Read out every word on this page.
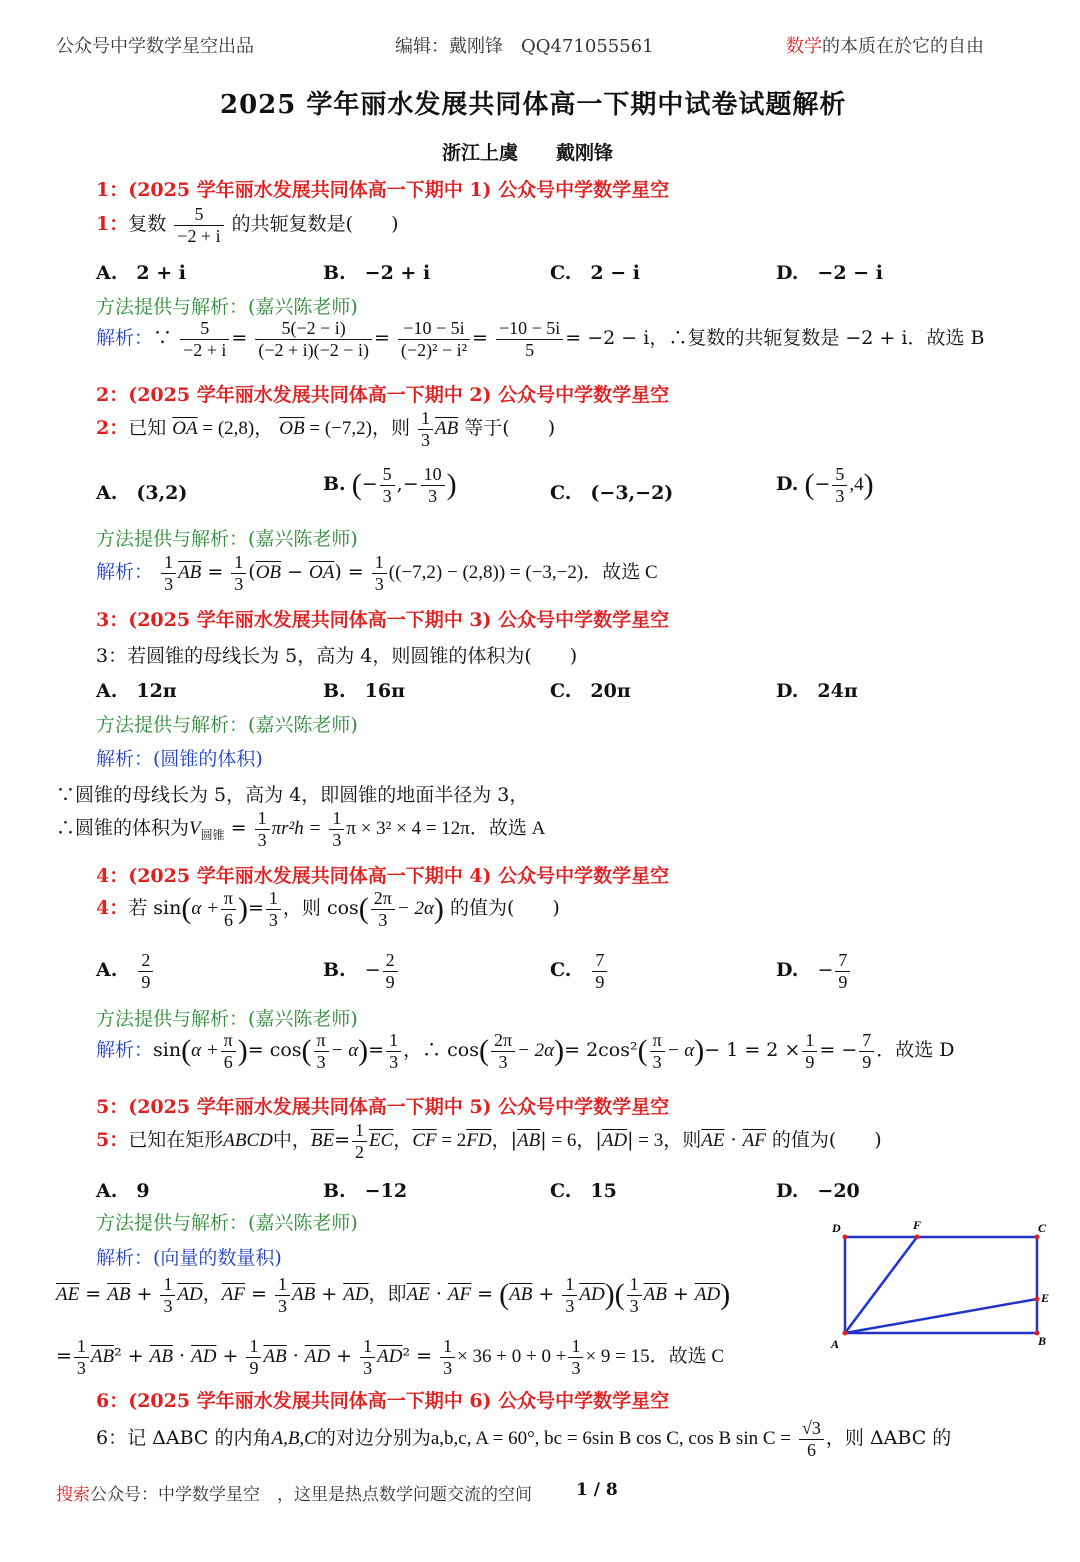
公众号中学数学星空出品	编辑：戴刚锋　QQ471055561	数学的本质在於它的自由
2025 学年丽水发展共同体高一下期中试卷试题解析
浙江上虞　　戴刚锋
1：(2025 学年丽水发展共同体高一下期中 1) 公众号中学数学星空
1：复数 $\frac{5}{-2 + i}$ 的共轭复数是(　　)
A.　2 + i	B.　−2 + i	C.　2 − i	D.　−2 − i
方法提供与解析：(嘉兴陈老师)
解析：∵ $\frac{5}{-2 + i} = \frac{5(-2 - i)}{(-2 + i)(-2 - i)} = \frac{-10 - 5i}{\text{(−2)² − i²}} = \frac{-10 - 5i}{5} = -2 - i$，∴复数的共轭复数是 −2 + i．故选 B
2：(2025 学年丽水发展共同体高一下期中 2) 公众号中学数学星空
2：已知 $\overline{OA} = (2,8)$， $\overline{OB} = (-7,2)$，则 $\frac{1}{3} \overline{AB}$ 等于(　　)
A.　(3,2)	B. (− $\frac{5}{3}$ ,− $\frac{10}{3}$ )	C.　(−3,−2)	D. (− $\frac{5}{3} ,4$)
方法提供与解析：(嘉兴陈老师)
解析： $\frac{1}{3} \overline{AB} = \frac{1}{3} (\overline{OB} - \overline{OA}) = \frac{1}{3} ((-7,2) - (2,8)) = (-3,-2)$．故选 C
3：(2025 学年丽水发展共同体高一下期中 3) 公众号中学数学星空
3：若圆锥的母线长为 5，高为 4，则圆锥的体积为(　　)
A.　12π	B.　16π	C.　20π	D.　24π
方法提供与解析：(嘉兴陈老师)
解析：(圆锥的体积)
∵圆锥的母线长为 5，高为 4，即圆锥的地面半径为 3，
∴圆锥的体积为$V_{圆锥} = \frac{1}{3} \pi r^2h = \frac{1}{3}$ π × 3² × 4 = 12π．故选 A
4：(2025 学年丽水发展共同体高一下期中 4) 公众号中学数学星空
4：若 $\sin(\alpha + \frac{\pi}{6}$ )= $\frac{1}{3}$ ，则 $\cos( \frac{2\pi}{3} - 2\alpha)$ 的值为(　　)
A.　 $\frac{2}{9}$	B.　 − $\frac{2}{9}$	C.　 $\frac{7}{9}$	D.　 − $\frac{7}{9}$
方法提供与解析：(嘉兴陈老师)
解析：$\sin(\alpha + \frac{\pi}{6}$ )= $\cos( \frac{\pi}{3} - \alpha)= \frac{1}{3}$ ，∴ $\cos( \frac{2\pi}{3} - 2\alpha)= 2\cos^2( \frac{\pi}{3} - \alpha)- 1 = 2 \times \frac{1}{9}$ = − $\frac{7}{9}$ ．故选 D
5：(2025 学年丽水发展共同体高一下期中 5) 公众号中学数学星空
5：已知在矩形ABCD中，$\overline{BE}= \frac{1}{2} \overline{EC}$，$\overline{CF} = 2\overline{FD}$，$|\overline{AB}| = 6$，$|\overline{AD}| = 3$，则$\overline{AE} \cdot \overline{AF}$ 的值为(　　)
A.　9	B.　−12	C.　15	D.　−20
方法提供与解析：(嘉兴陈老师)
解析：(向量的数量积)
$\overline{AE} = \overline{AB} + \frac{1}{3} \overline{AD}$，$\overline{AF} = \frac{1}{3} \overline{AB} + \overline{AD}$，即$\overline{AE} \cdot \overline{AF} = (\overline{AB} + \frac{1}{3} \overline{AD})( \frac{1}{3} \overline{AB} + \overline{AD})$
= $\frac{1}{3} \overline{AB}^2 + \overline{AB} \cdot \overline{AD} + \frac{1}{9} \overline{AB} \cdot \overline{AD} + \frac{1}{3} \overline{AD}^2 = \frac{1}{3} \times 36 + 0 + 0 + \frac{1}{3} \times 9 = 15$．故选 C
D	F	C
E
A	B
6：(2025 学年丽水发展共同体高一下期中 6) 公众号中学数学星空
6：记 ΔABC 的内角A,B,C的对边分别为a,b,c, A = 60°, bc = 6sin B cos C, cos B $\sin C = \frac{√3}{6}$ ，则 ΔABC 的
搜索公众号：中学数学星空　，这里是热点数学问题交流的空间	1 / 8
